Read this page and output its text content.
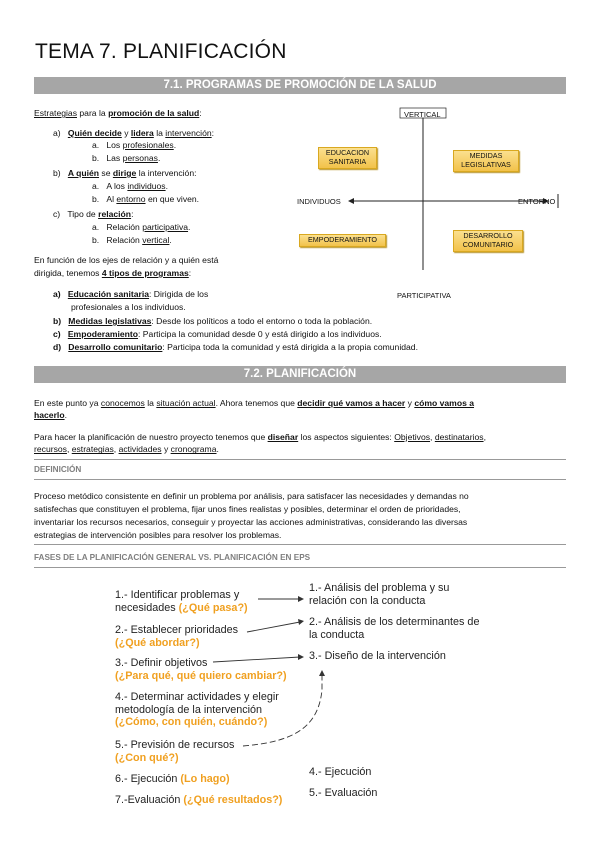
TEMA 7. PLANIFICACIÓN
7.1. PROGRAMAS DE PROMOCIÓN DE LA SALUD
Estrategias para la promoción de la salud:
a) Quién decide y lidera la intervención:
a. Los profesionales.
b. Las personas.
b) A quién se dirige la intervención:
a. A los individuos.
b. Al entorno en que viven.
c) Tipo de relación:
a. Relación participativa.
b. Relación vertical.
En función de los ejes de relación y a quién está
dirigida, tenemos 4 tipos de programas:
a) Educación sanitaria: Dirigida de los
profesionales a los individuos.
b) Medidas legislativas: Desde los políticos a todo el entorno o toda la población.
c) Empoderamiento: Participa la comunidad desde 0 y está dirigido a los individuos.
d) Desarrollo comunitario: Participa toda la comunidad y está dirigida a la propia comunidad.
VERTICAL
PARTICIPATIVA
INDIVIDUOS	ENTORNO
EDUCACION SANITARIA
MEDIDAS LEGISLATIVAS
EMPODERAMIENTO	DESARROLLO COMUNITARIO
7.2. PLANIFICACIÓN
En este punto ya conocemos la situación actual. Ahora tenemos que decidir qué vamos a hacer y cómo vamos a
hacerlo.
Para hacer la planificación de nuestro proyecto tenemos que diseñar los aspectos siguientes: Objetivos, destinatarios,
recursos, estrategias, actividades y cronograma.
DEFINICIÓN
Proceso metódico consistente en definir un problema por análisis, para satisfacer las necesidades y demandas no
satisfechas que constituyen el problema, fijar unos fines realistas y posibles, determinar el orden de prioridades,
inventariar los recursos necesarios, conseguir y proyectar las acciones administrativas, considerando las diversas
estrategias de intervención posibles para resolver los problemas.
FASES DE LA PLANIFICACIÓN GENERAL VS. PLANIFICACIÓN EN EPS
1.- Identificar problemas y
necesidades (¿Qué pasa?)
2.- Establecer prioridades
(¿Qué abordar?)
3.- Definir objetivos
(¿Para qué, qué quiero cambiar?)
4.- Determinar actividades y elegir
metodología de la intervención
(¿Cómo, con quién, cuándo?)
5.- Previsión de recursos
(¿Con qué?)
6.- Ejecución (Lo hago)
7.-Evaluación (¿Qué resultados?)
1.- Análisis del problema y su
relación con la conducta
2.- Análisis de los determinantes de
la conducta
3.- Diseño de la intervención
4.- Ejecución
5.- Evaluación
